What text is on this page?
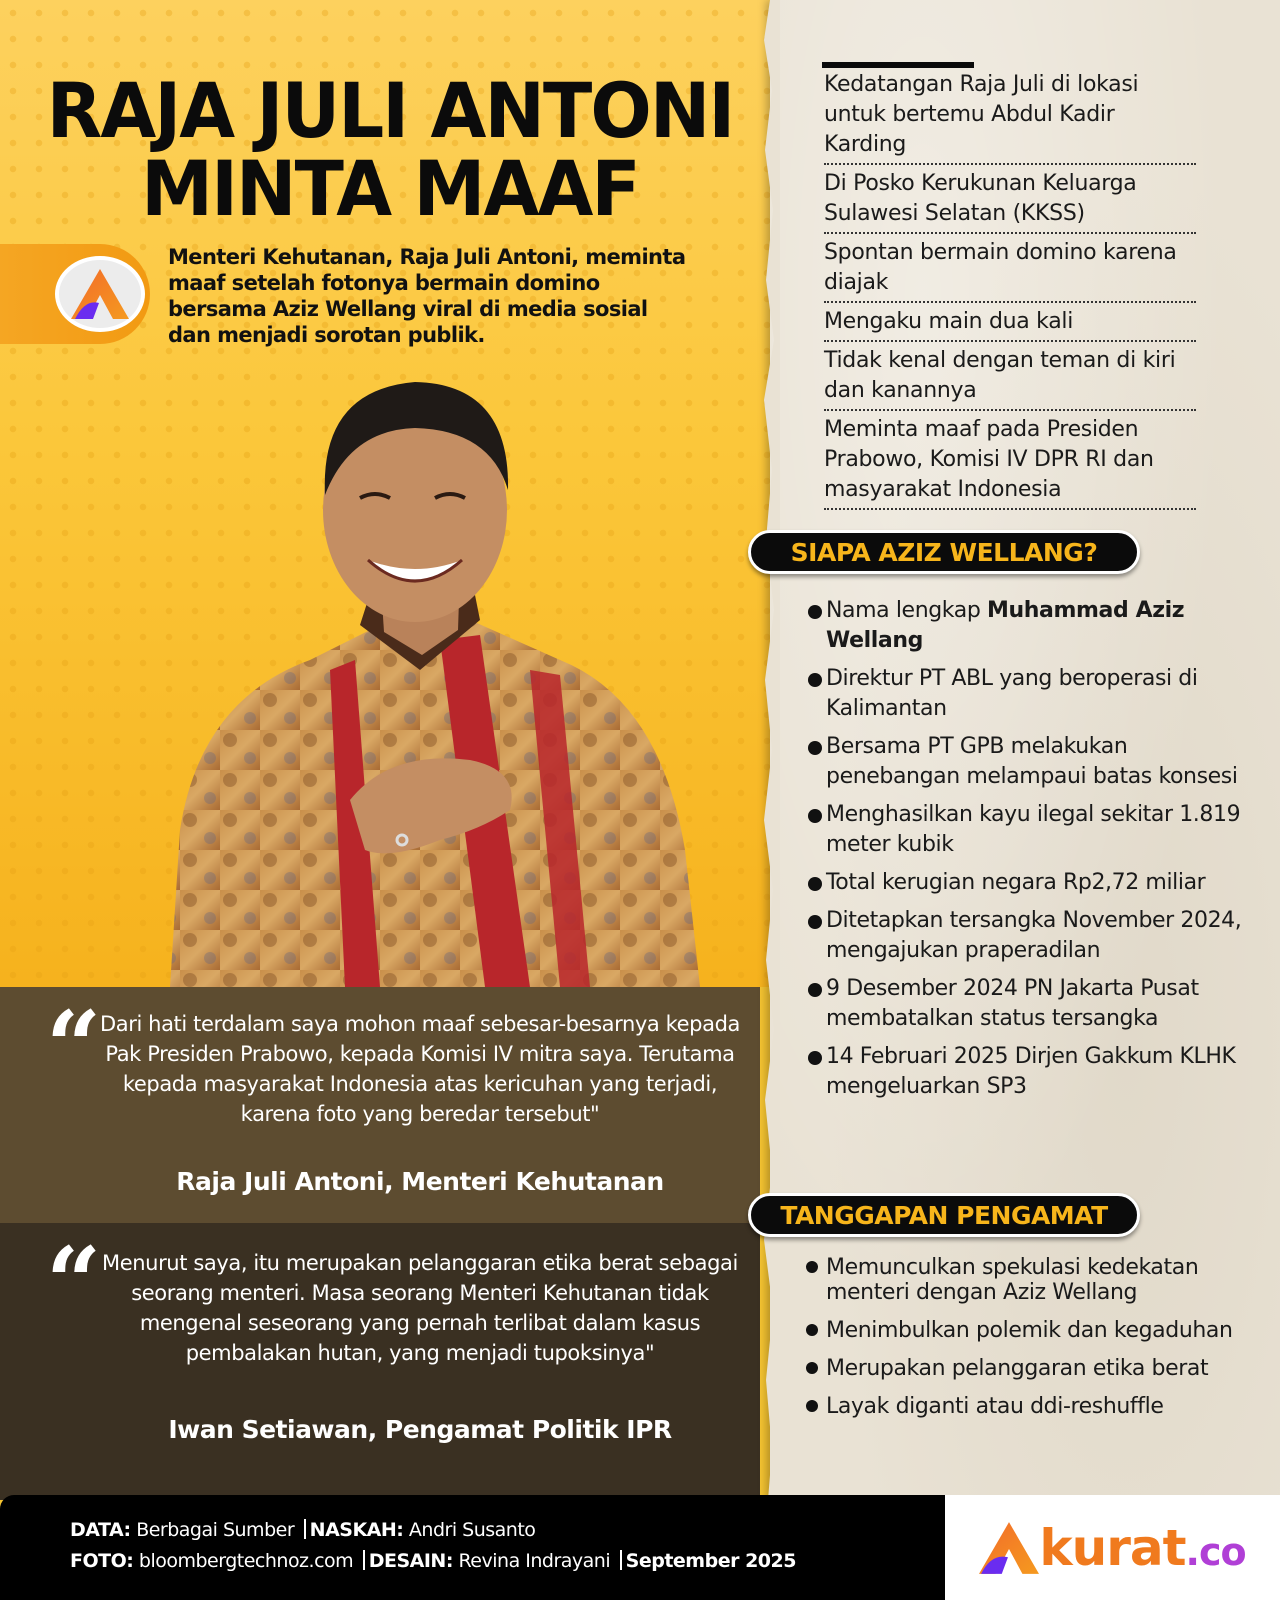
RAJA JULI ANTONI
MINTA MAAF

Menteri Kehutanan, Raja Juli Antoni, meminta maaf setelah fotonya bermain domino bersama Aziz Wellang viral di media sosial dan menjadi sorotan publik.

“

Dari hati terdalam saya mohon maaf sebesar-besarnya kepada Pak Presiden Prabowo, kepada Komisi IV mitra saya. Terutama kepada masyarakat Indonesia atas kericuhan yang terjadi, karena foto yang beredar tersebut"

Raja Juli Antoni, Menteri Kehutanan

“ Menurut saya, itu merupakan pelanggaran etika berat sebagai seorang menteri. Masa seorang Menteri Kehutanan tidak mengenal seseorang yang pernah terlibat dalam kasus pembalakan hutan, yang menjadi tupoksinya"

Iwan Setiawan, Pengamat Politik IPR

Kedatangan Raja Juli di lokasi untuk bertemu Abdul Kadir Karding

Di Posko Kerukunan Keluarga Sulawesi Selatan (KKSS)

Spontan bermain domino karena diajak

Mengaku main dua kali

Tidak kenal dengan teman di kiri dan kanannya

Meminta maaf pada Presiden Prabowo, Komisi IV DPR RI dan masyarakat Indonesia

SIAPA AZIZ WELLANG?
Nama lengkap Muhammad Aziz Wellang
Direktur PT ABL yang beroperasi di Kalimantan
Bersama PT GPB melakukan penebangan melampaui batas konsesi
Menghasilkan kayu ilegal sekitar 1.819 meter kubik
Total kerugian negara Rp2,72 miliar
Ditetapkan tersangka November 2024, mengajukan praperadilan
9 Desember 2024 PN Jakarta Pusat membatalkan status tersangka
14 Februari 2025 Dirjen Gakkum KLHK mengeluarkan SP3
TANGGAPAN PENGAMAT
Memunculkan spekulasi kedekatan menteri dengan Aziz Wellang
Menimbulkan polemik dan kegaduhan
Merupakan pelanggaran etika berat
Layak diganti atau ddi-reshuffle
DATA: Berbagai Sumber NASKAH: Andri Susanto
FOTO: bloombergtechnoz.com DESAIN: Revina Indrayani September 2025	kurat.co
